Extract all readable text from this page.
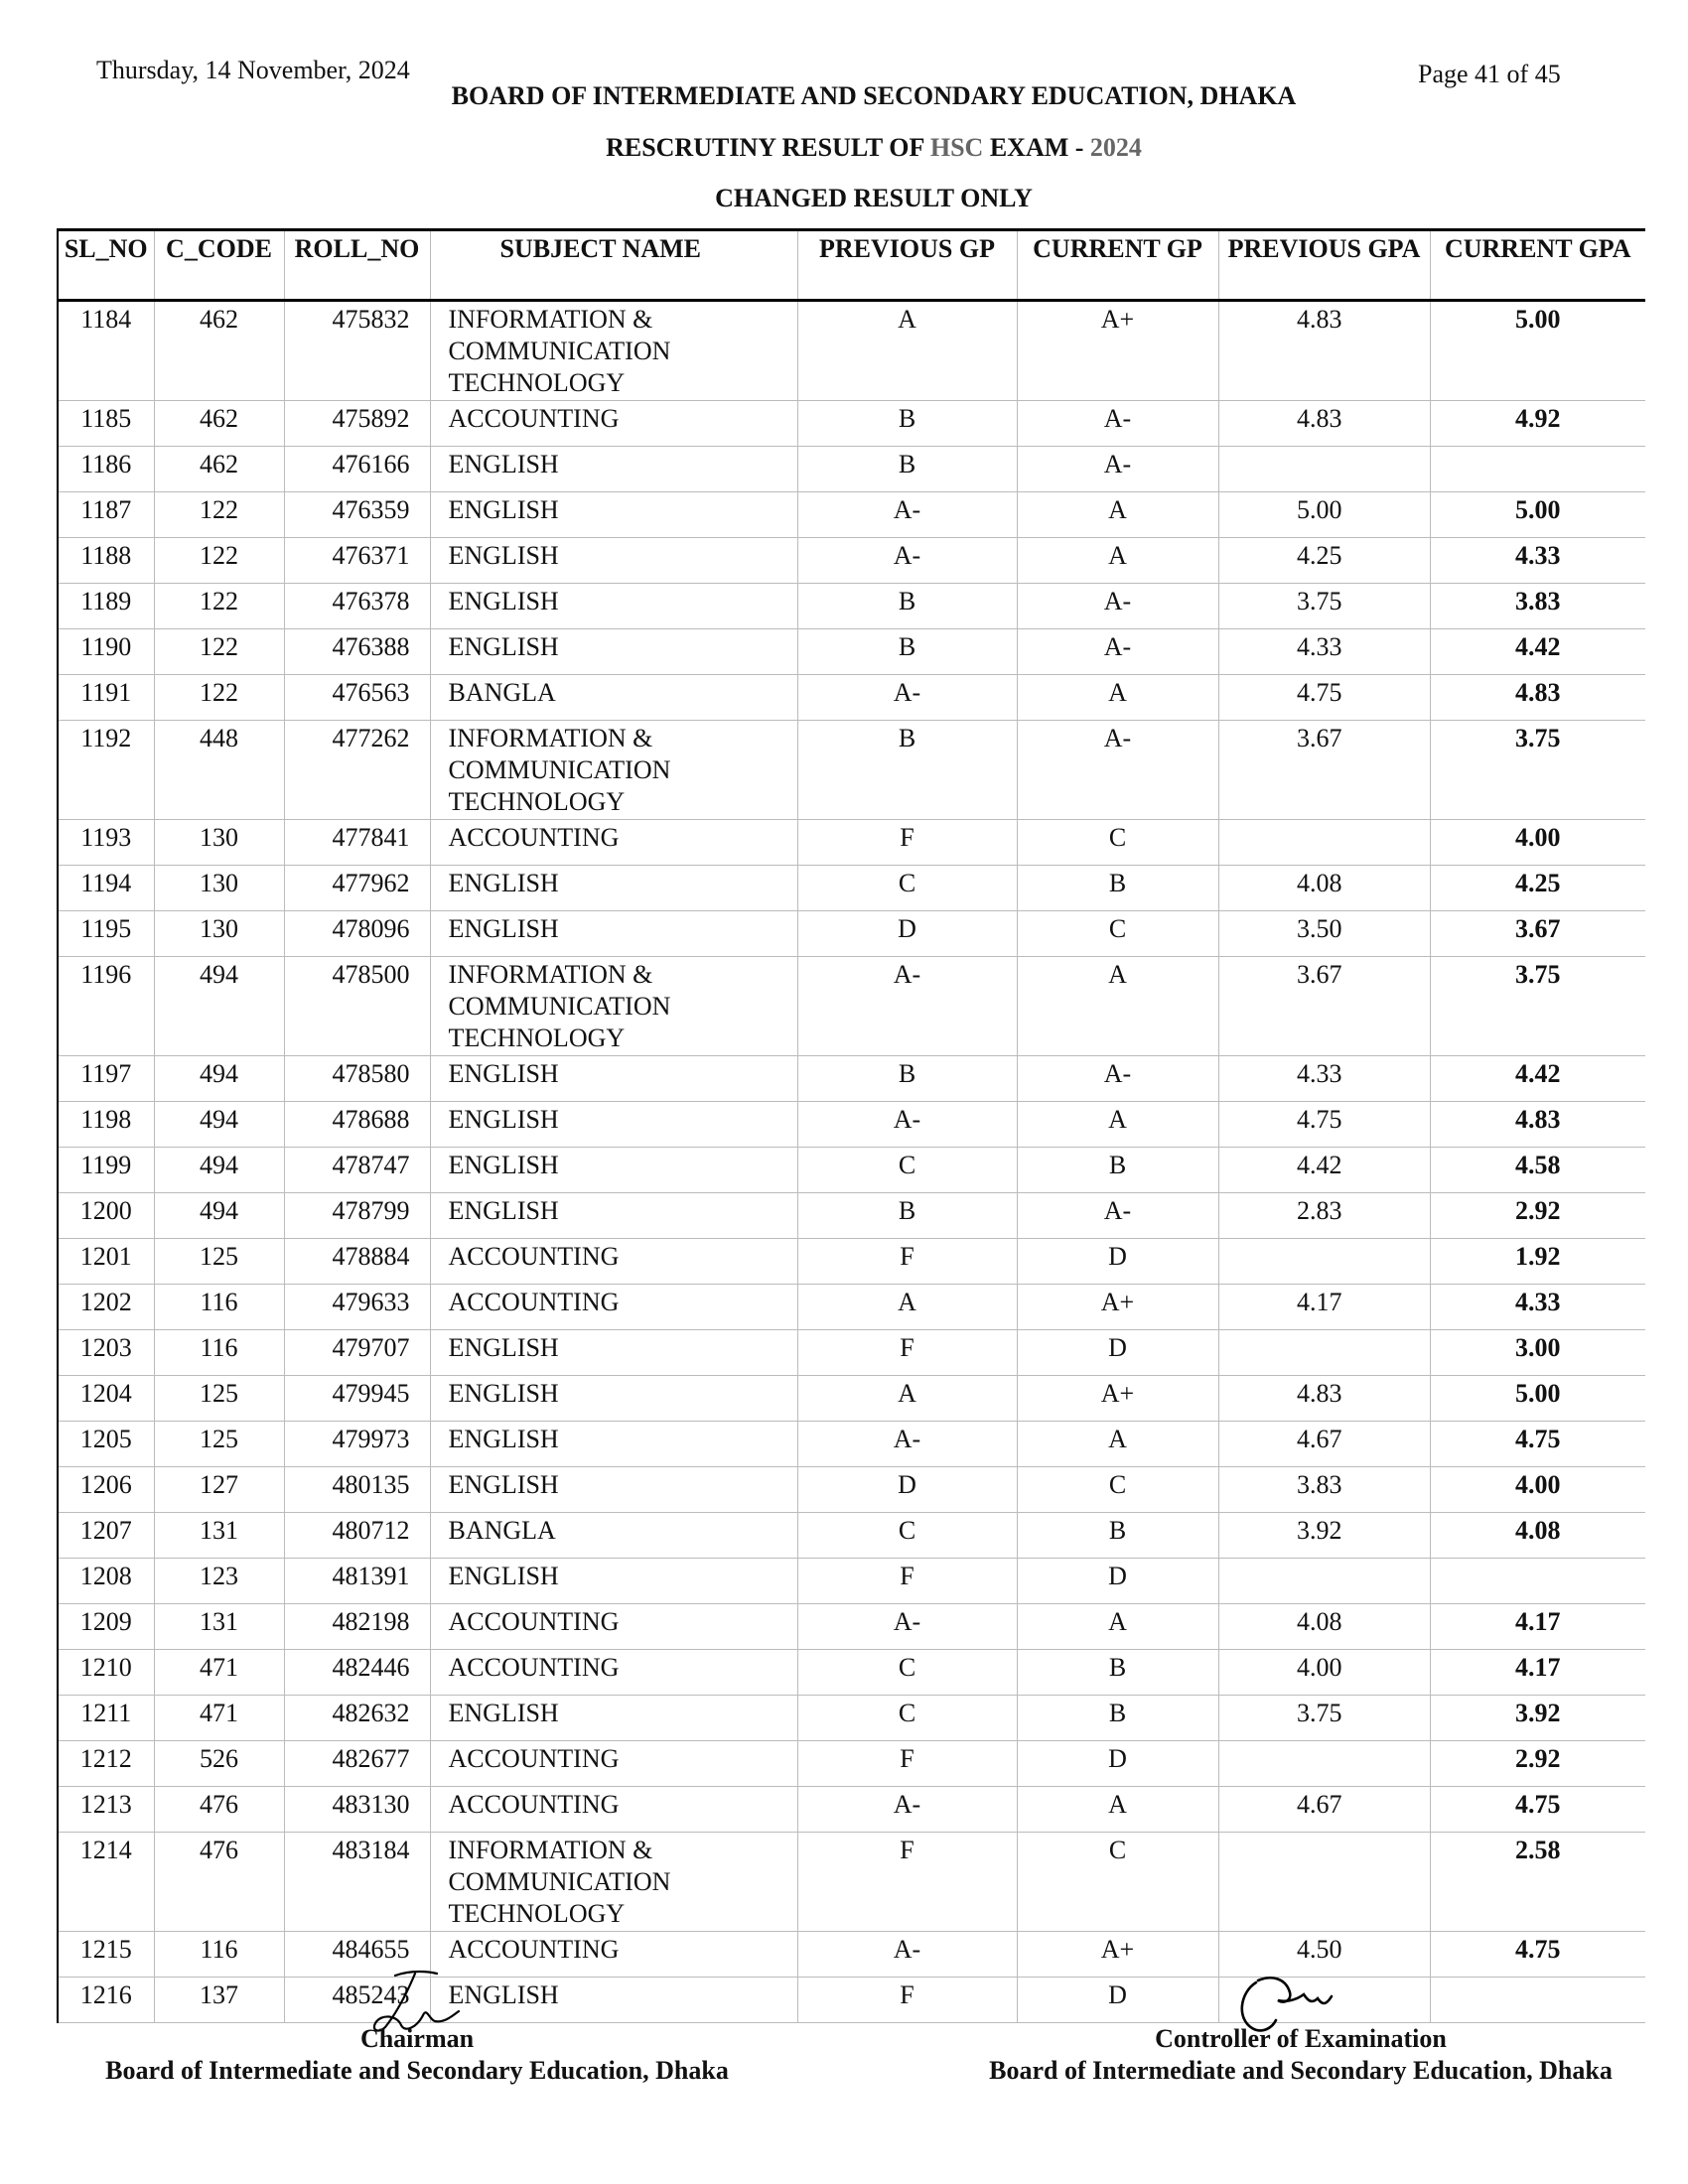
Thursday, 14 November, 2024	Page 41 of 45
BOARD OF INTERMEDIATE AND SECONDARY EDUCATION, DHAKA
RESCRUTINY RESULT OF HSC EXAM - 2024
CHANGED RESULT ONLY
SL_NO	C_CODE	ROLL_NO	SUBJECT NAME	PREVIOUS GP	CURRENT GP	PREVIOUS GPA	CURRENT GPA
1184	462	475832	INFORMATION & COMMUNICATION TECHNOLOGY	A	A+	4.83	5.00
1185	462	475892	ACCOUNTING	B	A-	4.83	4.92
1186	462	476166	ENGLISH	B	A-		
1187	122	476359	ENGLISH	A-	A	5.00	5.00
1188	122	476371	ENGLISH	A-	A	4.25	4.33
1189	122	476378	ENGLISH	B	A-	3.75	3.83
1190	122	476388	ENGLISH	B	A-	4.33	4.42
1191	122	476563	BANGLA	A-	A	4.75	4.83
1192	448	477262	INFORMATION & COMMUNICATION TECHNOLOGY	B	A-	3.67	3.75
1193	130	477841	ACCOUNTING	F	C		4.00
1194	130	477962	ENGLISH	C	B	4.08	4.25
1195	130	478096	ENGLISH	D	C	3.50	3.67
1196	494	478500	INFORMATION & COMMUNICATION TECHNOLOGY	A-	A	3.67	3.75
1197	494	478580	ENGLISH	B	A-	4.33	4.42
1198	494	478688	ENGLISH	A-	A	4.75	4.83
1199	494	478747	ENGLISH	C	B	4.42	4.58
1200	494	478799	ENGLISH	B	A-	2.83	2.92
1201	125	478884	ACCOUNTING	F	D		1.92
1202	116	479633	ACCOUNTING	A	A+	4.17	4.33
1203	116	479707	ENGLISH	F	D		3.00
1204	125	479945	ENGLISH	A	A+	4.83	5.00
1205	125	479973	ENGLISH	A-	A	4.67	4.75
1206	127	480135	ENGLISH	D	C	3.83	4.00
1207	131	480712	BANGLA	C	B	3.92	4.08
1208	123	481391	ENGLISH	F	D		
1209	131	482198	ACCOUNTING	A-	A	4.08	4.17
1210	471	482446	ACCOUNTING	C	B	4.00	4.17
1211	471	482632	ENGLISH	C	B	3.75	3.92
1212	526	482677	ACCOUNTING	F	D		2.92
1213	476	483130	ACCOUNTING	A-	A	4.67	4.75
1214	476	483184	INFORMATION & COMMUNICATION TECHNOLOGY	F	C		2.58
1215	116	484655	ACCOUNTING	A-	A+	4.50	4.75
1216	137	485243	ENGLISH	F	D		
Chairman
Board of Intermediate and Secondary Education, Dhaka
Controller of Examination
Board of Intermediate and Secondary Education, Dhaka
